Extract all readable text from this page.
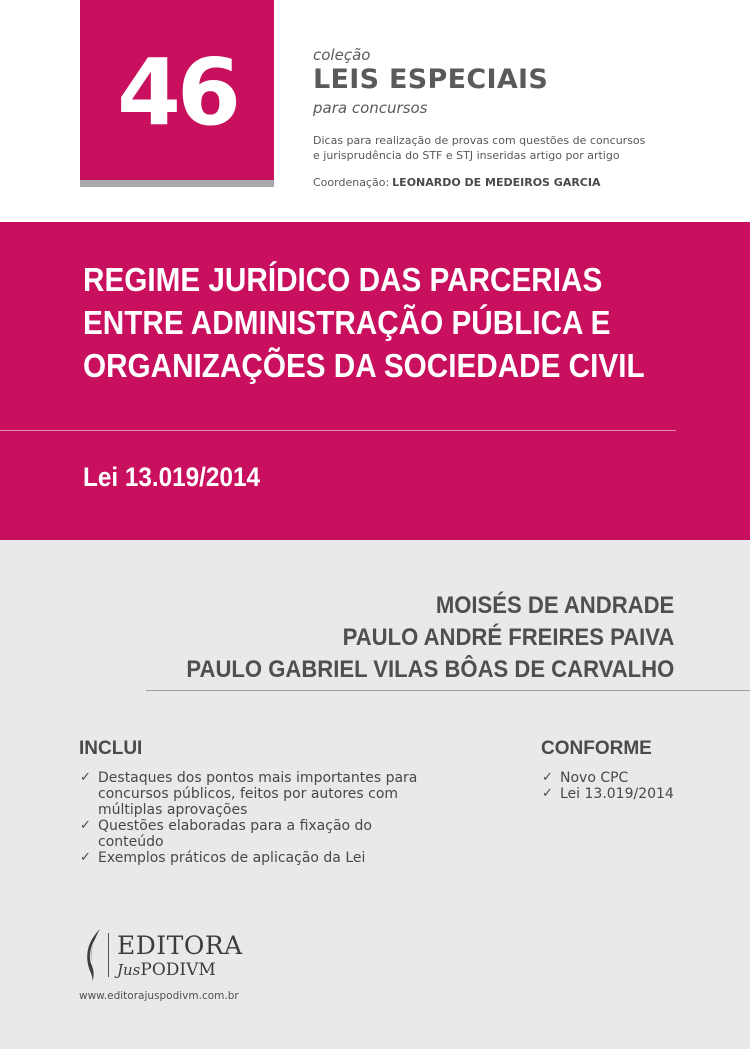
46	coleção
LEIS ESPECIAIS
para concursos
Dicas para realização de provas com questões de concursos
e jurisprudência do STF e STJ inseridas artigo por artigo
Coordenação: LEONARDO DE MEDEIROS GARCIA
REGIME JURÍDICO DAS PARCERIAS
ENTRE ADMINISTRAÇÃO PÚBLICA E
ORGANIZAÇÕES DA SOCIEDADE CIVIL
Lei 13.019/2014
MOISÉS DE ANDRADE
PAULO ANDRÉ FREIRES PAIVA
PAULO GABRIEL VILAS BÔAS DE CARVALHO
INCLUI
✓ Destaques dos pontos mais importantes para
concursos públicos, feitos por autores com
múltiplas aprovações
✓ Questões elaboradas para a fixação do conteúdo
✓ Exemplos práticos de aplicação da Lei
CONFORME
✓ Novo CPC
✓ Lei 13.019/2014
EDITORA
JusPODIVM
www.editorajuspodivm.com.br
